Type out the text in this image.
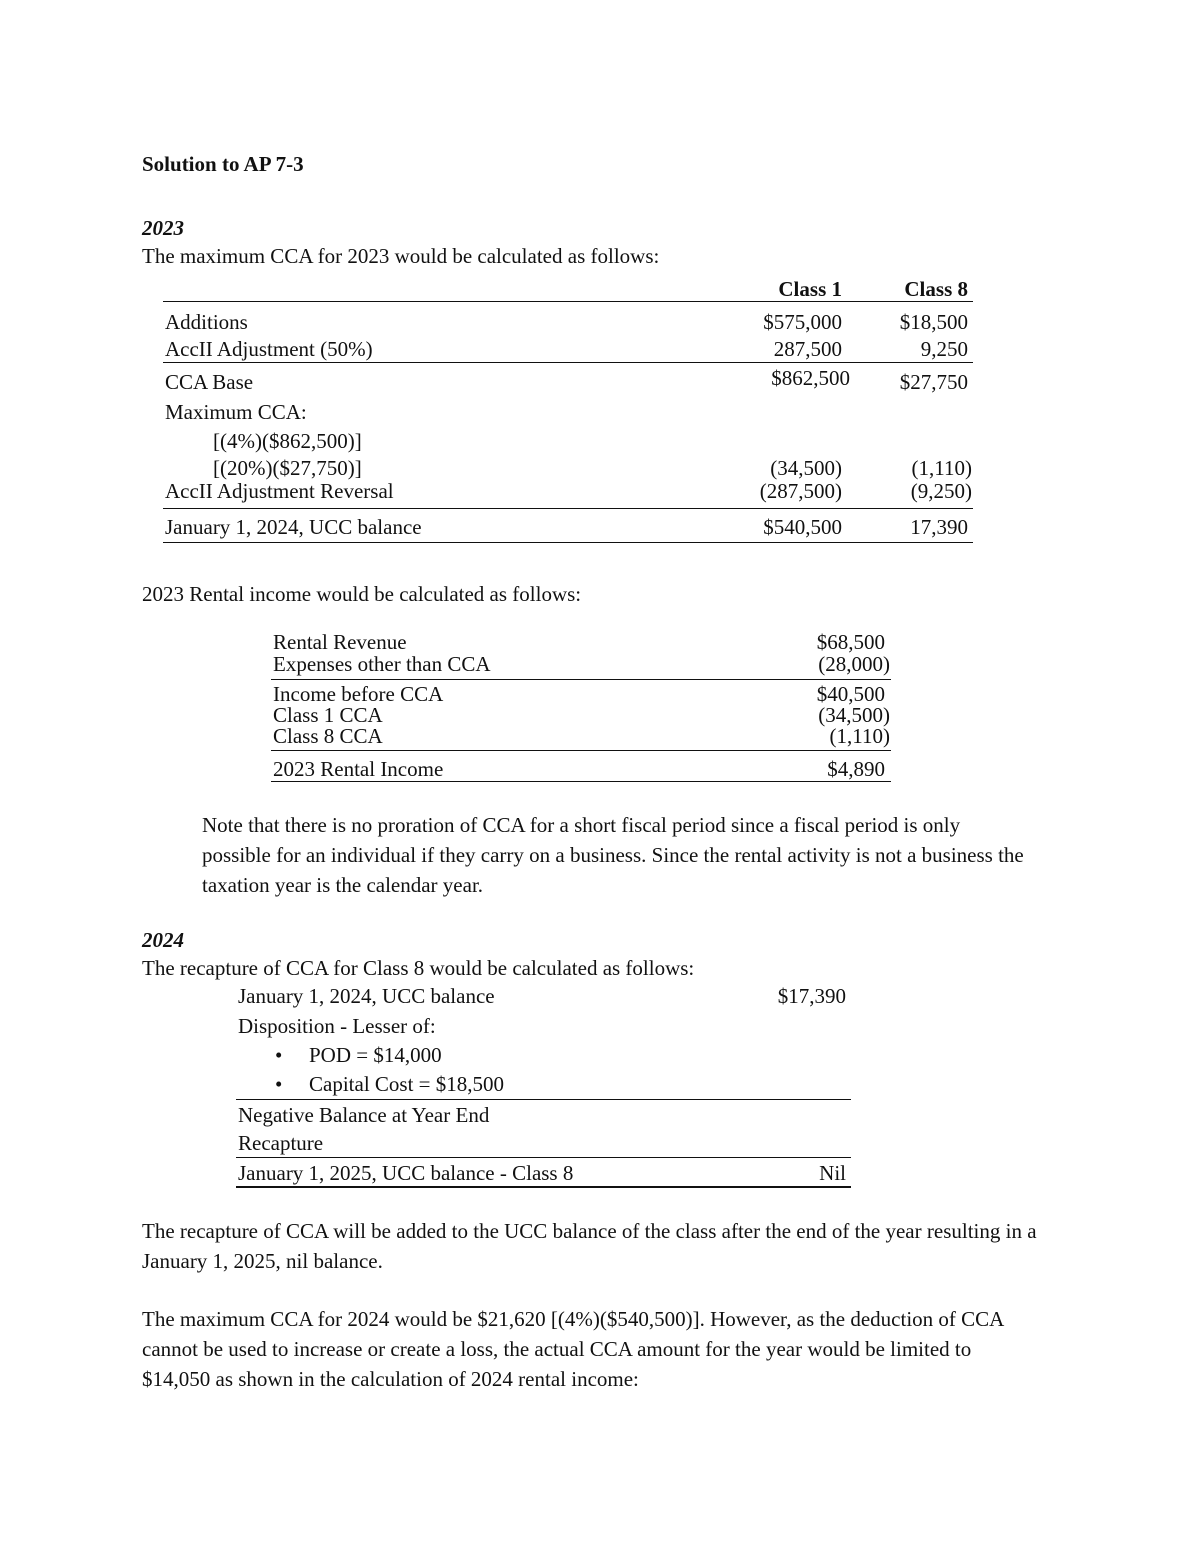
Solution to AP 7-3
2023
The maximum CCA for 2023 would be calculated as follows:
Class 1	Class 8
Additions	$575,000	$18,500
AccII Adjustment (50%)	287,500	9,250
CCA Base	$862,500	$27,750
Maximum CCA:
[(4%)($862,500)]
[(20%)($27,750)]	(34,500)	(1,110)
AccII Adjustment Reversal	(287,500)	(9,250)
January 1, 2024, UCC balance	$540,500	17,390
2023 Rental income would be calculated as follows:
Rental Revenue	$68,500
Expenses other than CCA	(28,000)
Income before CCA	$40,500
Class 1 CCA	(34,500)
Class 8 CCA	(1,110)
2023 Rental Income	$4,890
Note that there is no proration of CCA for a short fiscal period since a fiscal period is only possible for an individual if they carry on a business. Since the rental activity is not a business the taxation year is the calendar year.
2024
The recapture of CCA for Class 8 would be calculated as follows:
January 1, 2024, UCC balance	$17,390
Disposition - Lesser of:
• POD = $14,000
• Capital Cost = $18,500
Negative Balance at Year End
Recapture
January 1, 2025, UCC balance - Class 8	Nil
The recapture of CCA will be added to the UCC balance of the class after the end of the year resulting in a January 1, 2025, nil balance.
The maximum CCA for 2024 would be $21,620 [(4%)($540,500)]. However, as the deduction of CCA cannot be used to increase or create a loss, the actual CCA amount for the year would be limited to $14,050 as shown in the calculation of 2024 rental income:
